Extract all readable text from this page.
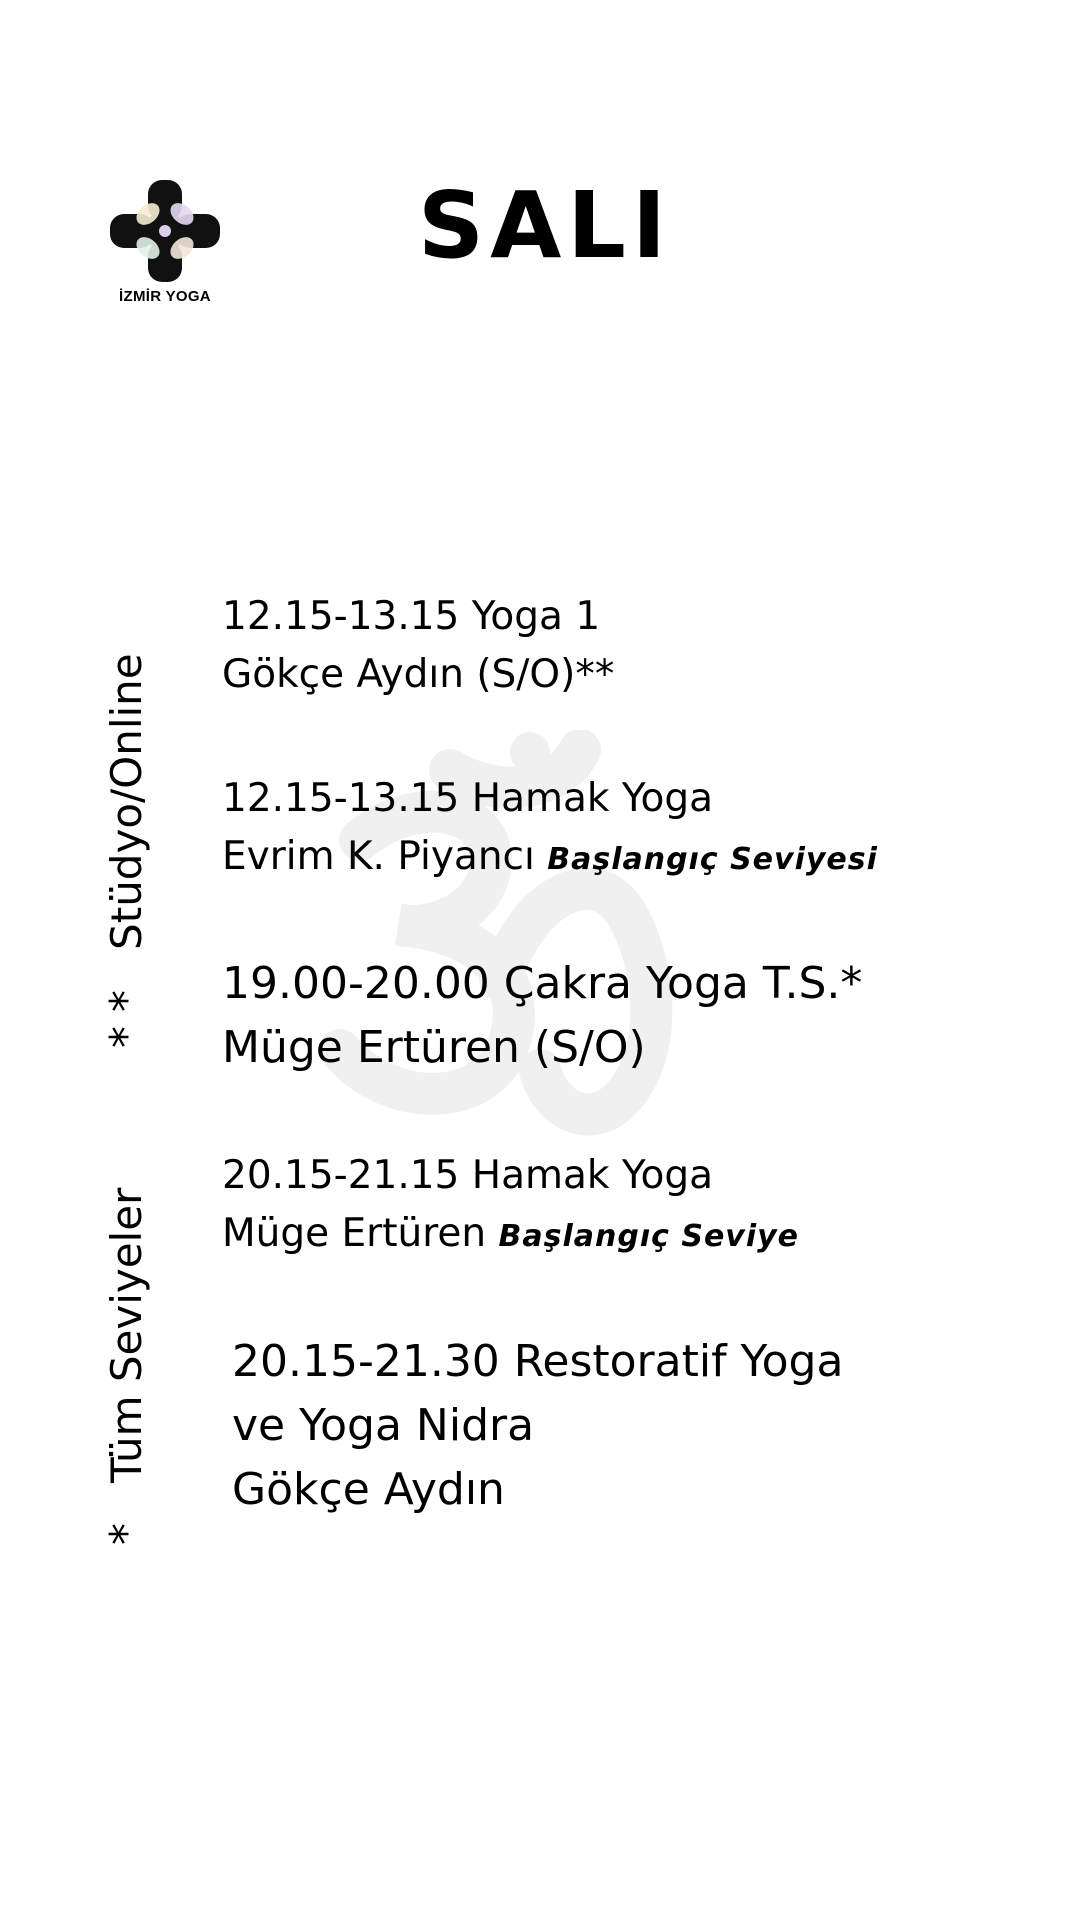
İZMİR YOGA
SALI
* *   Stüdyo/Online
*   Tüm Seviyeler
12.15-13.15 Yoga 1
Gökçe Aydın (S/O)**
12.15-13.15 Hamak Yoga
Evrim K. Piyancı Başlangıç Seviyesi
19.00-20.00 Çakra Yoga T.S.*
Müge Ertüren (S/O)
20.15-21.15 Hamak Yoga
Müge Ertüren Başlangıç Seviye
20.15-21.30 Restoratif Yoga
ve Yoga Nidra
Gökçe Aydın
